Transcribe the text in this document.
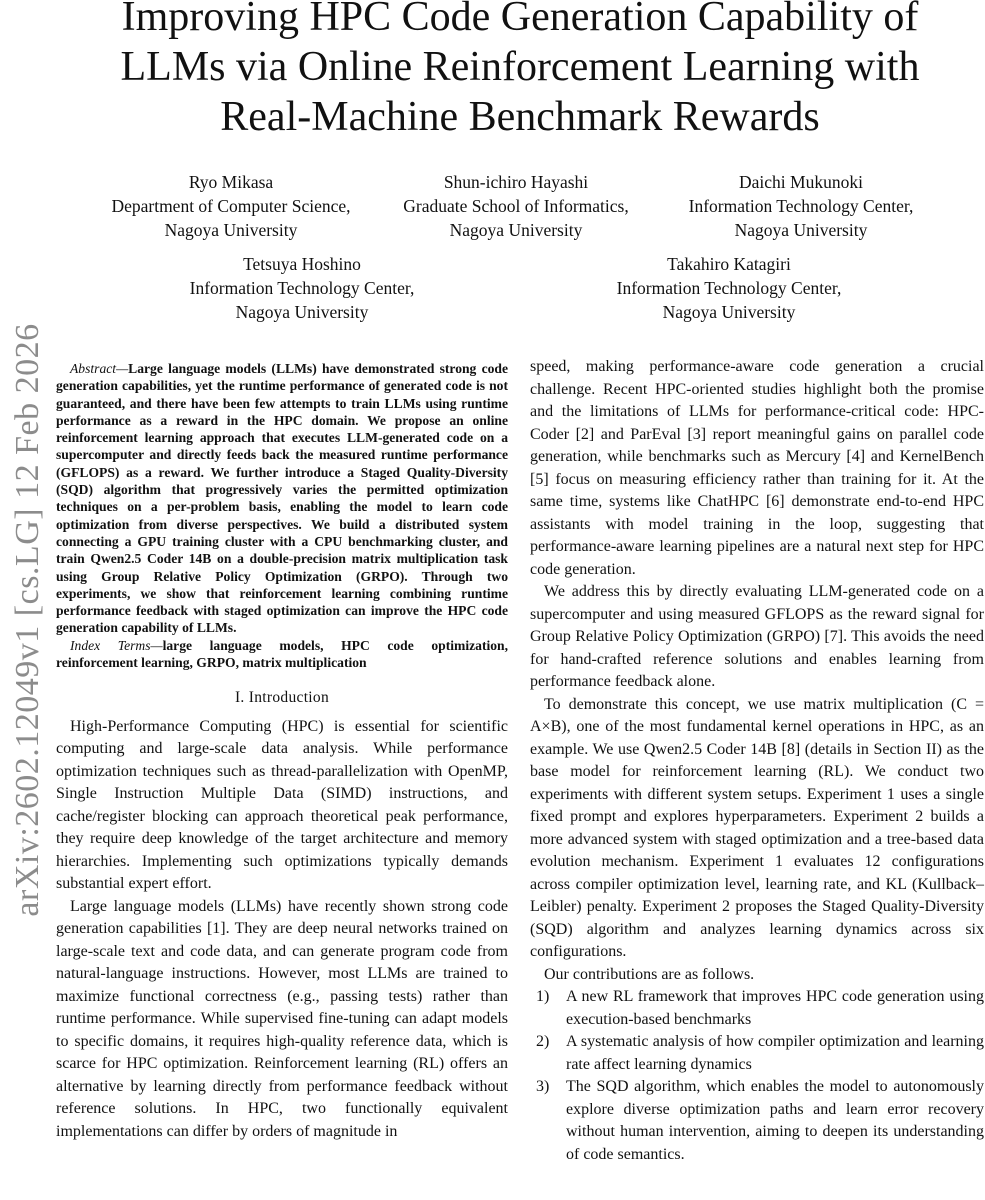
arXiv:2602.12049v1 [cs.LG] 12 Feb 2026
Improving HPC Code Generation Capability of LLMs via Online Reinforcement Learning with Real-Machine Benchmark Rewards
Ryo Mikasa
Department of Computer Science,
Nagoya University
Shun-ichiro Hayashi
Graduate School of Informatics,
Nagoya University
Daichi Mukunoki
Information Technology Center,
Nagoya University
Tetsuya Hoshino
Information Technology Center,
Nagoya University
Takahiro Katagiri
Information Technology Center,
Nagoya University

Abstract—Large language models (LLMs) have demonstrated strong code generation capabilities, yet the runtime performance of generated code is not guaranteed, and there have been few attempts to train LLMs using runtime performance as a reward in the HPC domain. We propose an online reinforcement learning approach that executes LLM-generated code on a supercomputer and directly feeds back the measured runtime performance (GFLOPS) as a reward. We further introduce a Staged Quality-Diversity (SQD) algorithm that progressively varies the permitted optimization techniques on a per-problem basis, enabling the model to learn code optimization from diverse perspectives. We build a distributed system connecting a GPU training cluster with a CPU benchmarking cluster, and train Qwen2.5 Coder 14B on a double-precision matrix multiplication task using Group Relative Policy Optimization (GRPO). Through two experiments, we show that reinforcement learning combining runtime performance feedback with staged optimization can improve the HPC code generation capability of LLMs.

Index Terms—large language models, HPC code optimization, reinforcement learning, GRPO, matrix multiplication

I. Introduction

High-Performance Computing (HPC) is essential for scientific computing and large-scale data analysis. While performance optimization techniques such as thread-parallelization with OpenMP, Single Instruction Multiple Data (SIMD) instructions, and cache/register blocking can approach theoretical peak performance, they require deep knowledge of the target architecture and memory hierarchies. Implementing such optimizations typically demands substantial expert effort.

Large language models (LLMs) have recently shown strong code generation capabilities [1]. They are deep neural networks trained on large-scale text and code data, and can generate program code from natural-language instructions. However, most LLMs are trained to maximize functional correctness (e.g., passing tests) rather than runtime performance. While supervised fine-tuning can adapt models to specific domains, it requires high-quality reference data, which is scarce for HPC optimization. Reinforcement learning (RL) offers an alternative by learning directly from performance feedback without reference solutions. In HPC, two functionally equivalent implementations can differ by orders of magnitude in

speed, making performance-aware code generation a crucial challenge. Recent HPC-oriented studies highlight both the promise and the limitations of LLMs for performance-critical code: HPC-Coder [2] and ParEval [3] report meaningful gains on parallel code generation, while benchmarks such as Mercury [4] and KernelBench [5] focus on measuring efficiency rather than training for it. At the same time, systems like ChatHPC [6] demonstrate end-to-end HPC assistants with model training in the loop, suggesting that performance-aware learning pipelines are a natural next step for HPC code generation.

We address this by directly evaluating LLM-generated code on a supercomputer and using measured GFLOPS as the reward signal for Group Relative Policy Optimization (GRPO) [7]. This avoids the need for hand-crafted reference solutions and enables learning from performance feedback alone.

To demonstrate this concept, we use matrix multiplication (C = A×B), one of the most fundamental kernel operations in HPC, as an example. We use Qwen2.5 Coder 14B [8] (details in Section II) as the base model for reinforcement learning (RL). We conduct two experiments with different system setups. Experiment 1 uses a single fixed prompt and explores hyperparameters. Experiment 2 builds a more advanced system with staged optimization and a tree-based data evolution mechanism. Experiment 1 evaluates 12 configurations across compiler optimization level, learning rate, and KL (Kullback–Leibler) penalty. Experiment 2 proposes the Staged Quality-Diversity (SQD) algorithm and analyzes learning dynamics across six configurations.

Our contributions are as follows.

1)	A new RL framework that improves HPC code generation using execution-based benchmarks
2)	A systematic analysis of how compiler optimization and learning rate affect learning dynamics
3)	The SQD algorithm, which enables the model to autonomously explore diverse optimization paths and learn error recovery without human intervention, aiming to deepen its understanding of code semantics.
